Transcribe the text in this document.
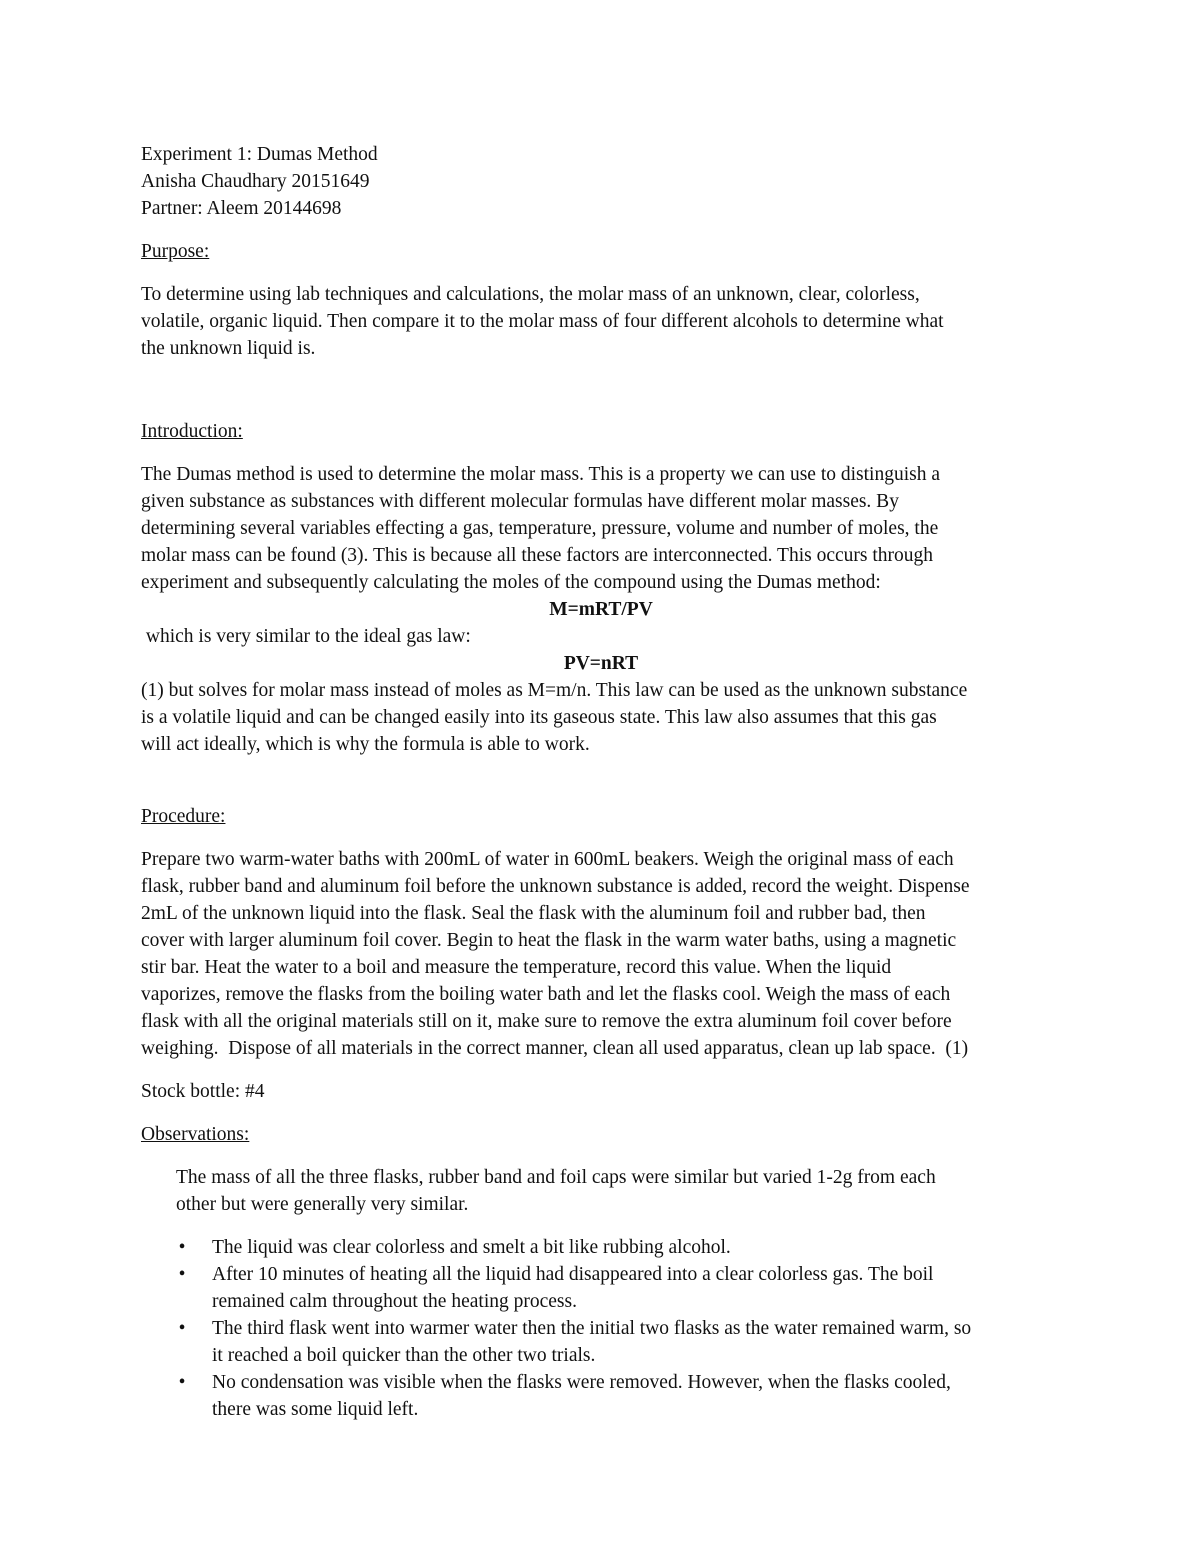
Experiment 1: Dumas Method

Anisha Chaudhary 20151649

Partner: Aleem 20144698

Purpose:

To determine using lab techniques and calculations, the molar mass of an unknown, clear, colorless,

volatile, organic liquid. Then compare it to the molar mass of four different alcohols to determine what

the unknown liquid is.

Introduction:

The Dumas method is used to determine the molar mass. This is a property we can use to distinguish a

given substance as substances with different molecular formulas have different molar masses. By

determining several variables effecting a gas, temperature, pressure, volume and number of moles, the

molar mass can be found (3). This is because all these factors are interconnected. This occurs through

experiment and subsequently calculating the moles of the compound using the Dumas method:

M=mRT/PV

which is very similar to the ideal gas law:

PV=nRT

(1) but solves for molar mass instead of moles as M=m/n. This law can be used as the unknown substance

is a volatile liquid and can be changed easily into its gaseous state. This law also assumes that this gas

will act ideally, which is why the formula is able to work.

Procedure:

Prepare two warm-water baths with 200mL of water in 600mL beakers. Weigh the original mass of each

flask, rubber band and aluminum foil before the unknown substance is added, record the weight. Dispense

2mL of the unknown liquid into the flask. Seal the flask with the aluminum foil and rubber bad, then

cover with larger aluminum foil cover. Begin to heat the flask in the warm water baths, using a magnetic

stir bar. Heat the water to a boil and measure the temperature, record this value. When the liquid

vaporizes, remove the flasks from the boiling water bath and let the flasks cool. Weigh the mass of each

flask with all the original materials still on it, make sure to remove the extra aluminum foil cover before

weighing.  Dispose of all materials in the correct manner, clean all used apparatus, clean up lab space.  (1)

Stock bottle: #4

Observations:

The mass of all the three flasks, rubber band and foil caps were similar but varied 1-2g from each

other but were generally very similar.

• The liquid was clear colorless and smelt a bit like rubbing alcohol.

• After 10 minutes of heating all the liquid had disappeared into a clear colorless gas. The boil

remained calm throughout the heating process.

• The third flask went into warmer water then the initial two flasks as the water remained warm, so

it reached a boil quicker than the other two trials.

• No condensation was visible when the flasks were removed. However, when the flasks cooled,

there was some liquid left.
